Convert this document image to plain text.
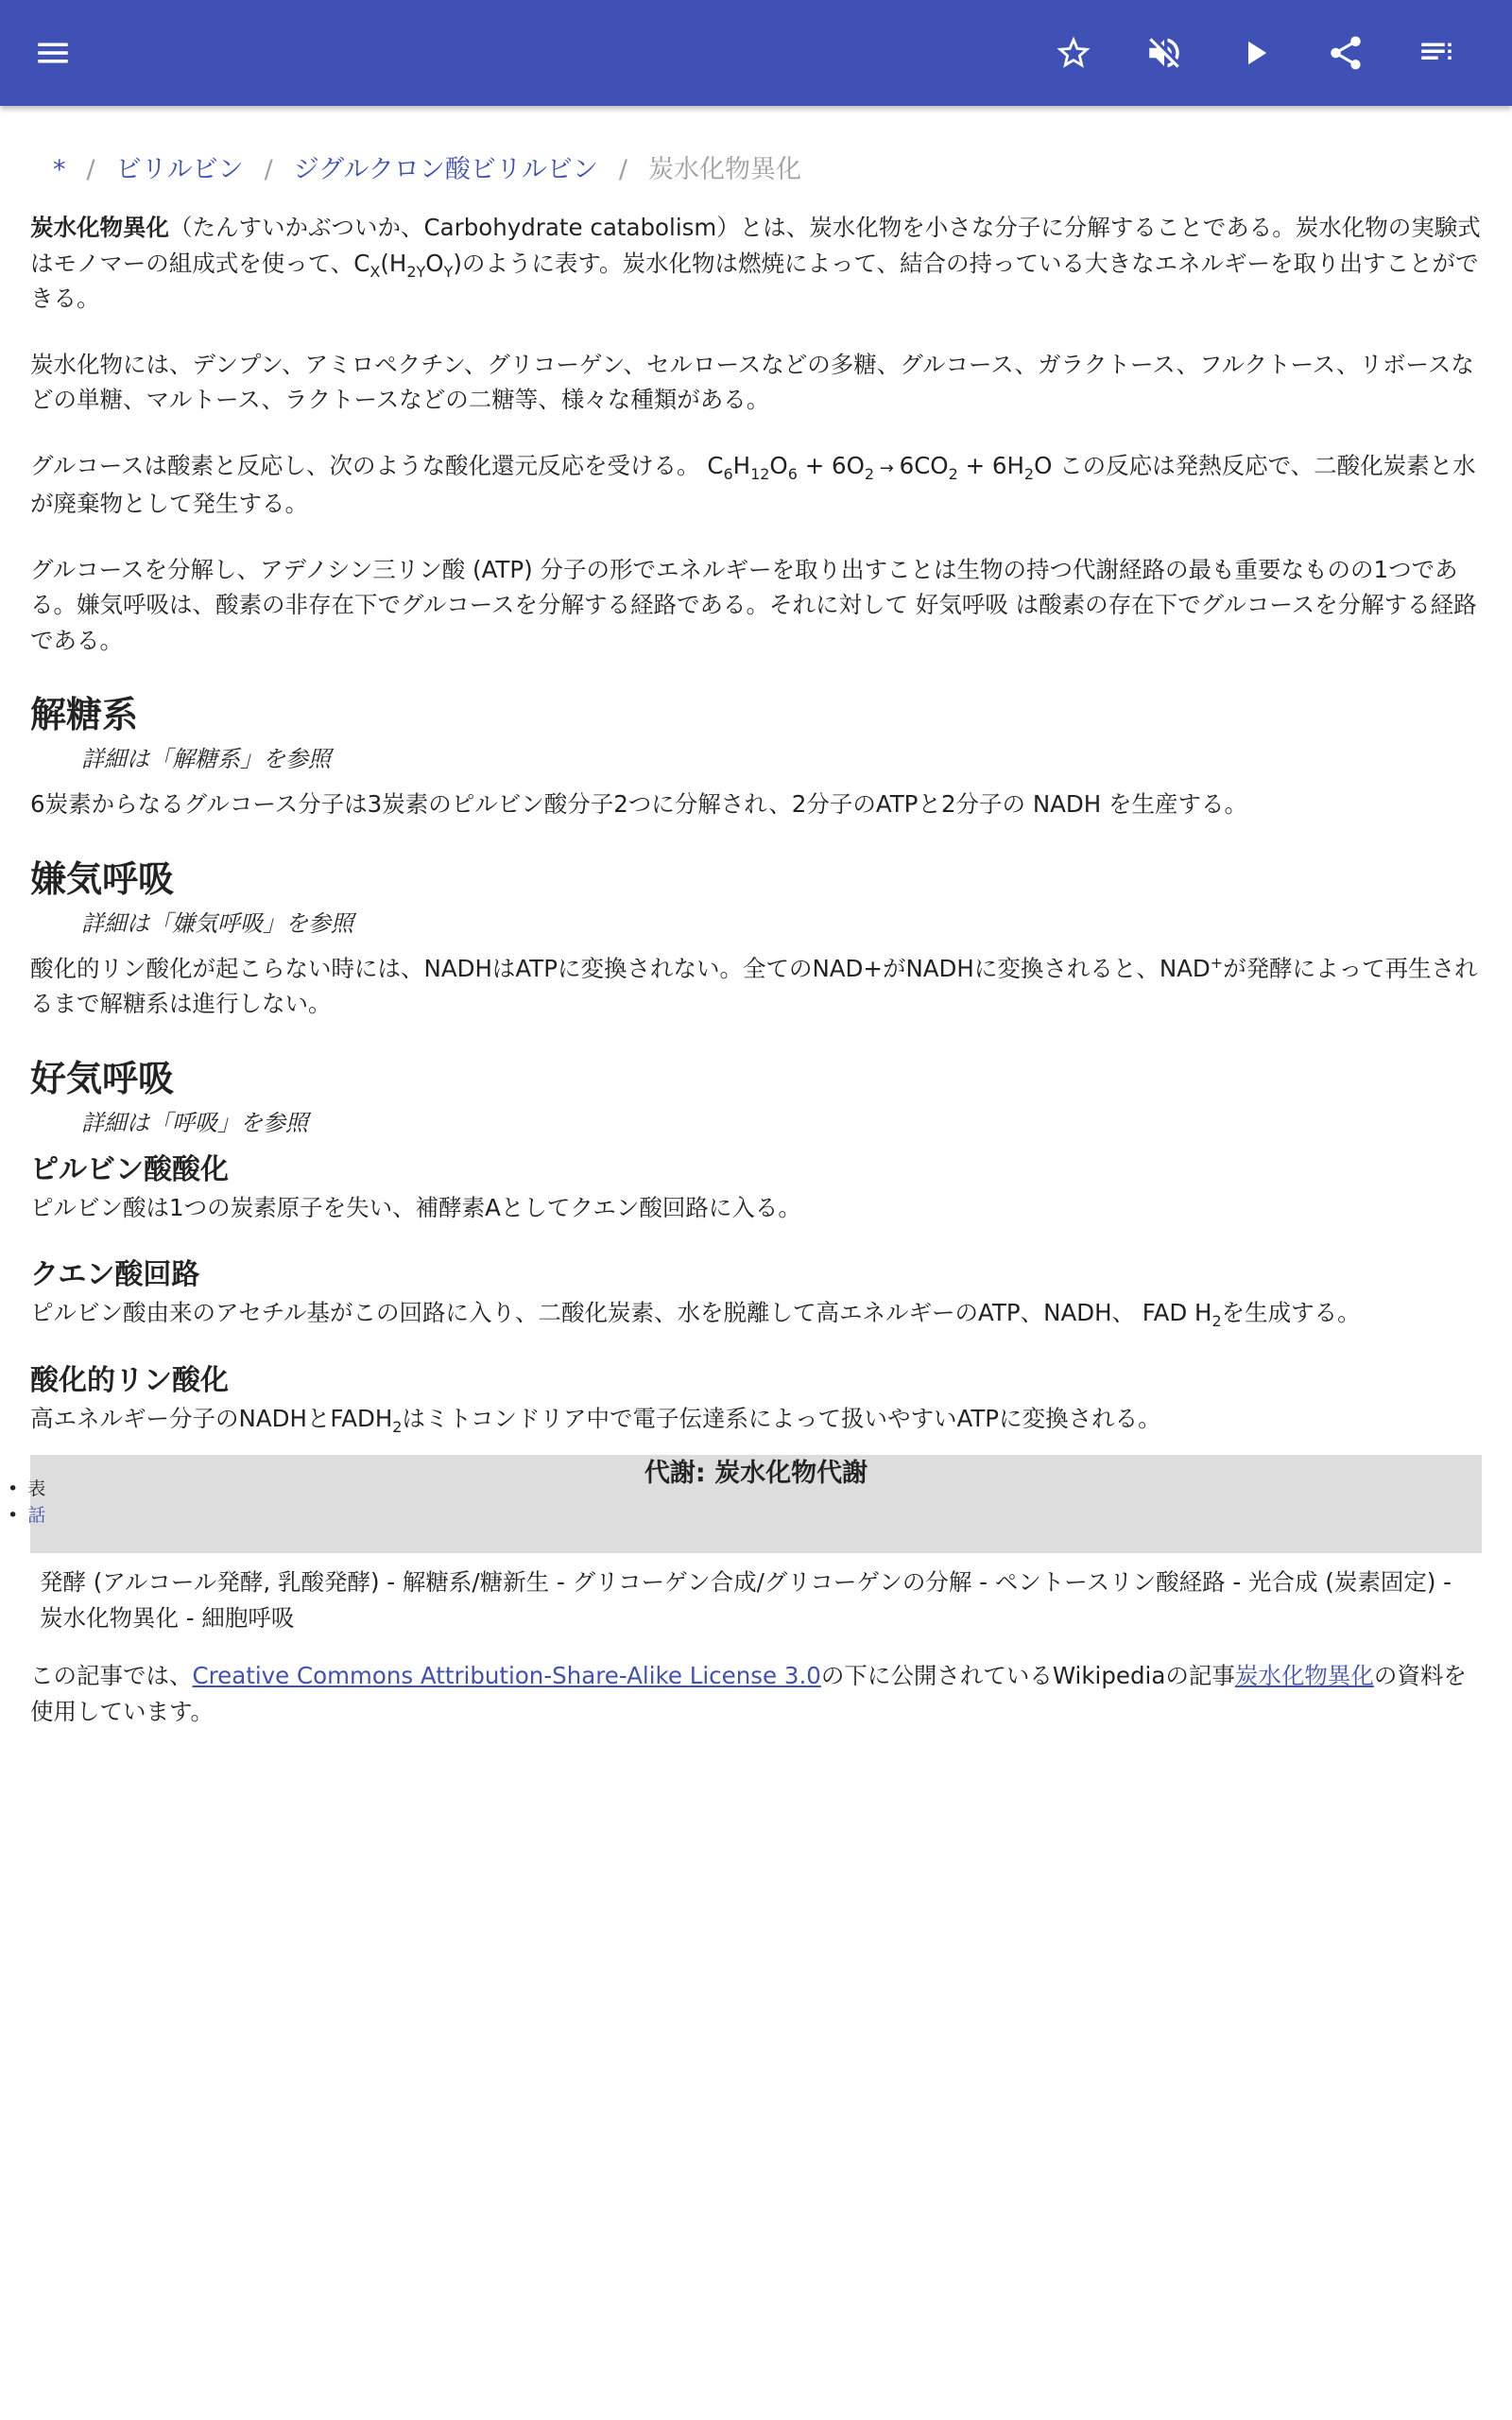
* / ビリルビン / ジグルクロン酸ビリルビン / 炭水化物異化

炭水化物異化（たんすいかぶついか、Carbohydrate catabolism）とは、炭水化物を小さな分子に分解することである。炭水化物の実験式はモノマーの組成式を使って、$C_X(H_{2Y}O_Y)$のように表す。炭水化物は燃焼によって、結合の持っている大きなエネルギーを取り出すことができる。

炭水化物には、デンプン、アミロペクチン、グリコーゲン、セルロースなどの多糖、グルコース、ガラクトース、フルクトース、リボースなどの単糖、マルトース、ラクトースなどの二糖等、様々な種類がある。

グルコースは酸素と反応し、次のような酸化還元反応を受ける。 $C_6H_{12}O_6 + 6O_2 \to 6CO_2 + 6H_2O$ この反応は発熱反応で、二酸化炭素と水が廃棄物として発生する。

グルコースを分解し、アデノシン三リン酸 (ATP) 分子の形でエネルギーを取り出すことは生物の持つ代謝経路の最も重要なものの1つである。嫌気呼吸は、酸素の非存在下でグルコースを分解する経路である。それに対して 好気呼吸 は酸素の存在下でグルコースを分解する経路である。

解糖系
詳細は「解糖系」を参照

6炭素からなるグルコース分子は3炭素のピルビン酸分子2つに分解され、2分子のATPと2分子の NADH を生産する。

嫌気呼吸
詳細は「嫌気呼吸」を参照

酸化的リン酸化が起こらない時には、NADHはATPに変換されない。全てのNAD+がNADHに変換されると、NAD+が発酵によって再生されるまで解糖系は進行しない。

好気呼吸
詳細は「呼吸」を参照
ピルビン酸酸化

ピルビン酸は1つの炭素原子を失い、補酵素Aとしてクエン酸回路に入る。

クエン酸回路

ピルビン酸由来のアセチル基がこの回路に入り、二酸化炭素、水を脱離して高エネルギーのATP、NADH、 FAD $H_2$を生成する。

酸化的リン酸化

高エネルギー分子のNADHと$FADH_2$はミトコンドリア中で電子伝達系によって扱いやすいATPに変換される。

代謝: 炭水化物代謝
• 表
• 話
発酵 (アルコール発酵, 乳酸発酵) - 解糖系/糖新生 - グリコーゲン合成/グリコーゲンの分解 - ペントースリン酸経路 - 光合成 (炭素固定) - 炭水化物異化 - 細胞呼吸

この記事では、Creative Commons Attribution-Share-Alike License 3.0の下に公開されているWikipediaの記事炭水化物異化の資料を使用しています。
